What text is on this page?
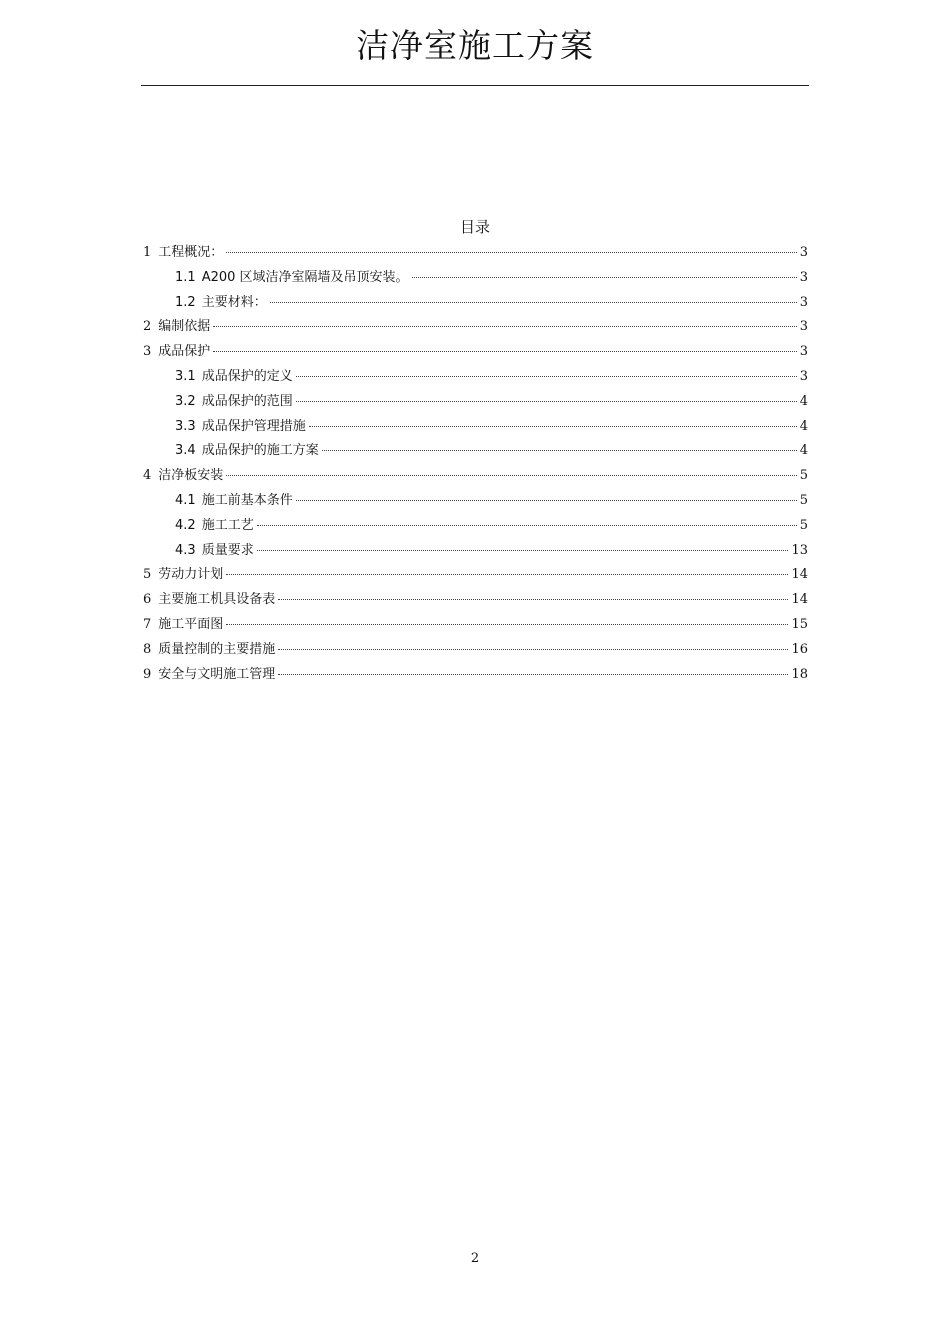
洁净室施工方案
目录
1 工程概况：	3
1.1 A200 区域洁净室隔墙及吊顶安装。	3
1.2 主要材料：	3
2 编制依据	3
3 成品保护	3
3.1 成品保护的定义	3
3.2 成品保护的范围	4
3.3 成品保护管理措施	4
3.4 成品保护的施工方案	4
4 洁净板安装	5
4.1 施工前基本条件	5
4.2 施工工艺	5
4.3 质量要求	13
5 劳动力计划	14
6 主要施工机具设备表	14
7 施工平面图	15
8 质量控制的主要措施	16
9 安全与文明施工管理	18
2
